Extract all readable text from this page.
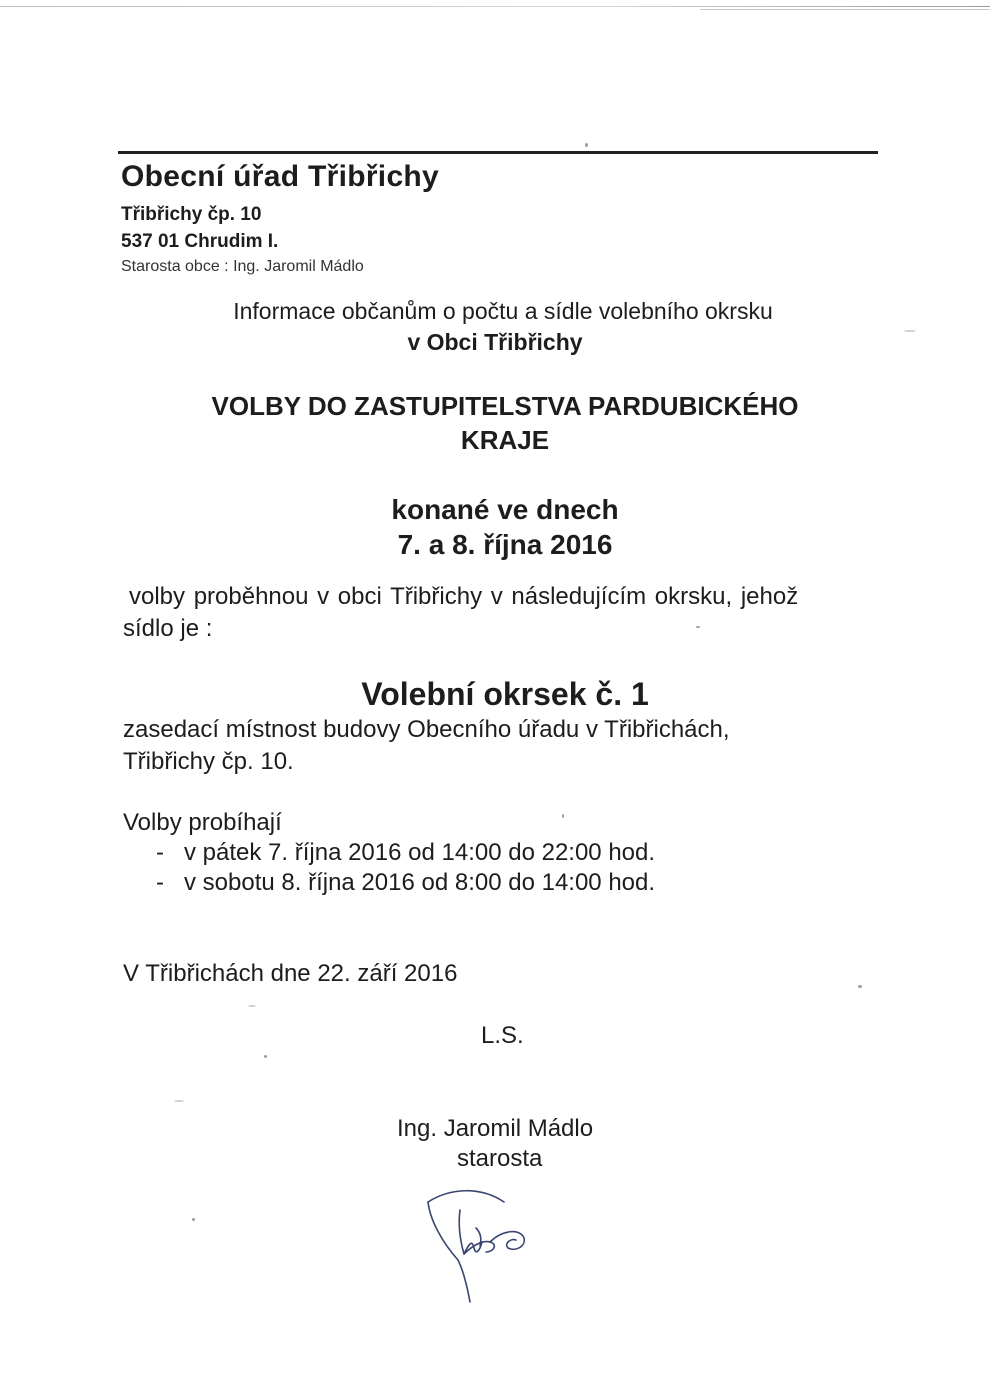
Obecní úřad Třibřichy
Třibřichy čp. 10
537 01 Chrudim I.
Starosta obce : Ing. Jaromil Mádlo
Informace občanům o počtu a sídle volebního okrsku
v Obci Třibřichy
VOLBY DO ZASTUPITELSTVA PARDUBICKÉHO
KRAJE
konané ve dnech
7. a 8. října 2016
volby proběhnou v obci Třibřichy v následujícím okrsku, jehož
sídlo je :
Volební okrsek č. 1
zasedací místnost budovy Obecního úřadu v Třibřichách,
Třibřichy čp. 10.
Volby probíhají
- v pátek 7. října 2016 od 14:00 do 22:00 hod.
- v sobotu 8. října 2016 od 8:00 do 14:00 hod.
V Třibřichách dne 22. září 2016
L.S.
Ing. Jaromil Mádlo
starosta
